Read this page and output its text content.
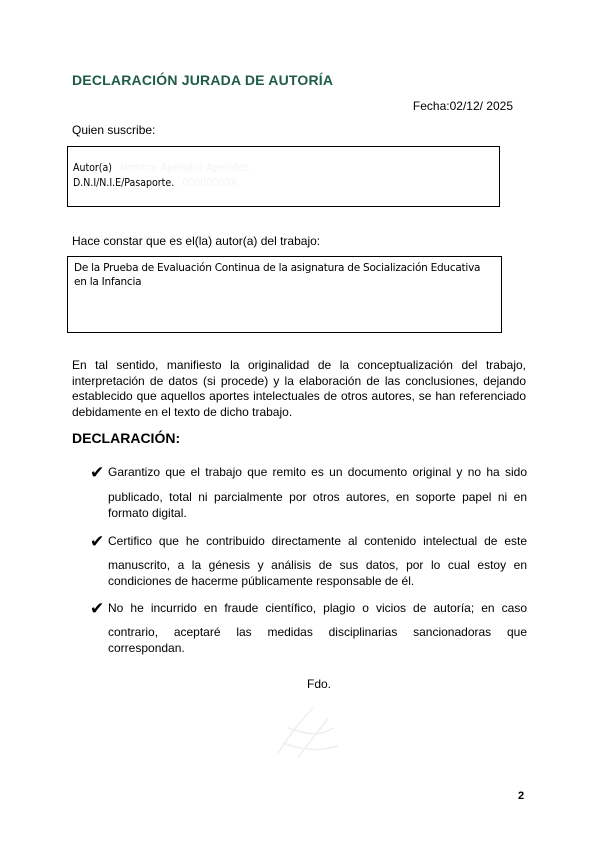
DECLARACIÓN JURADA DE AUTORÍA
Fecha:02/12/ 2025
Quien suscribe:
Autor(a) Nombre Apellidos Apellidos
D.N.I/N.I.E/Pasaporte. 00000000X
Hace constar que es el(la) autor(a) del trabajo:
De la Prueba de Evaluación Continua de la asignatura de Socialización Educativa en la Infancia
En tal sentido, manifiesto la originalidad de la conceptualización del trabajo, interpretación de datos (si procede) y la elaboración de las conclusiones, dejando establecido que aquellos aportes intelectuales de otros autores, se han referenciado debidamente en el texto de dicho trabajo.
DECLARACIÓN:
✔ Garantizo que el trabajo que remito es un documento original y no ha sido
publicado, total ni parcialmente por otros autores, en soporte papel ni en formato digital.
✔ Certifico que he contribuido directamente al contenido intelectual de este
manuscrito, a la génesis y análisis de sus datos, por lo cual estoy en condiciones de hacerme públicamente responsable de él.
✔ No he incurrido en fraude científico, plagio o vicios de autoría; en caso
contrario, aceptaré las medidas disciplinarias sancionadoras que correspondan.
Fdo.
2
